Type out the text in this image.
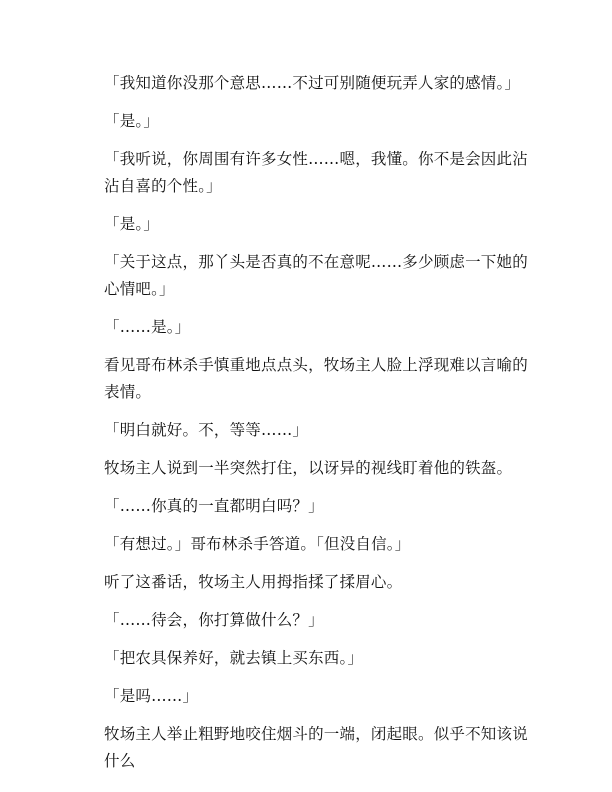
「我知道你没那个意思……不过可别随便玩弄人家的感情。」

「是。」

「我听说，你周围有许多女性……嗯，我懂。你不是会因此沾沾自喜的个性。」

「是。」

「关于这点，那丫头是否真的不在意呢……多少顾虑一下她的心情吧。」

「……是。」

看见哥布林杀手慎重地点点头，牧场主人脸上浮现难以言喻的表情。

「明白就好。不，等等……」

牧场主人说到一半突然打住，以讶异的视线盯着他的铁盔。

「……你真的一直都明白吗？」

「有想过。」哥布林杀手答道。「但没自信。」

听了这番话，牧场主人用拇指揉了揉眉心。

「……待会，你打算做什么？」

「把农具保养好，就去镇上买东西。」

「是吗……」

牧场主人举止粗野地咬住烟斗的一端，闭起眼。似乎不知该说什么
